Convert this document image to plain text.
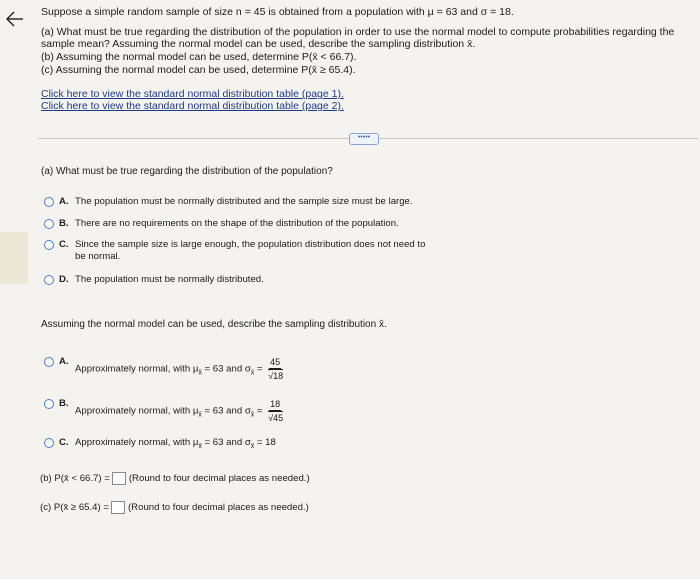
Suppose a simple random sample of size n = 45 is obtained from a population with μ = 63 and σ = 18.
(a) What must be true regarding the distribution of the population in order to use the normal model to compute probabilities regarding the
sample mean? Assuming the normal model can be used, describe the sampling distribution x̄.
(b) Assuming the normal model can be used, determine P(x̄ < 66.7).
(c) Assuming the normal model can be used, determine P(x̄ ≥ 65.4).
Click here to view the standard normal distribution table (page 1).
Click here to view the standard normal distribution table (page 2).
•••••
(a) What must be true regarding the distribution of the population?
A. The population must be normally distributed and the sample size must be large.
B. There are no requirements on the shape of the distribution of the population.
C. Since the sample size is large enough, the population distribution does not need to be normal.
D. The population must be normally distributed.
Assuming the normal model can be used, describe the sampling distribution x̄.
A.
Approximately normal, with $\mu_{x̄} = 63$ and $\sigma_{x̄} = \frac{45}{√18}$
B.
Approximately normal, with $\mu_{x̄} = 63$ and $\sigma_{x̄} = \frac{18}{√45}$
C. Approximately normal, with $\mu_{x̄} = 63$ and $\sigma_{x̄} = 18$
(b) P(x̄ < 66.7) = (Round to four decimal places as needed.)
(c) P(x̄ ≥ 65.4) = (Round to four decimal places as needed.)
